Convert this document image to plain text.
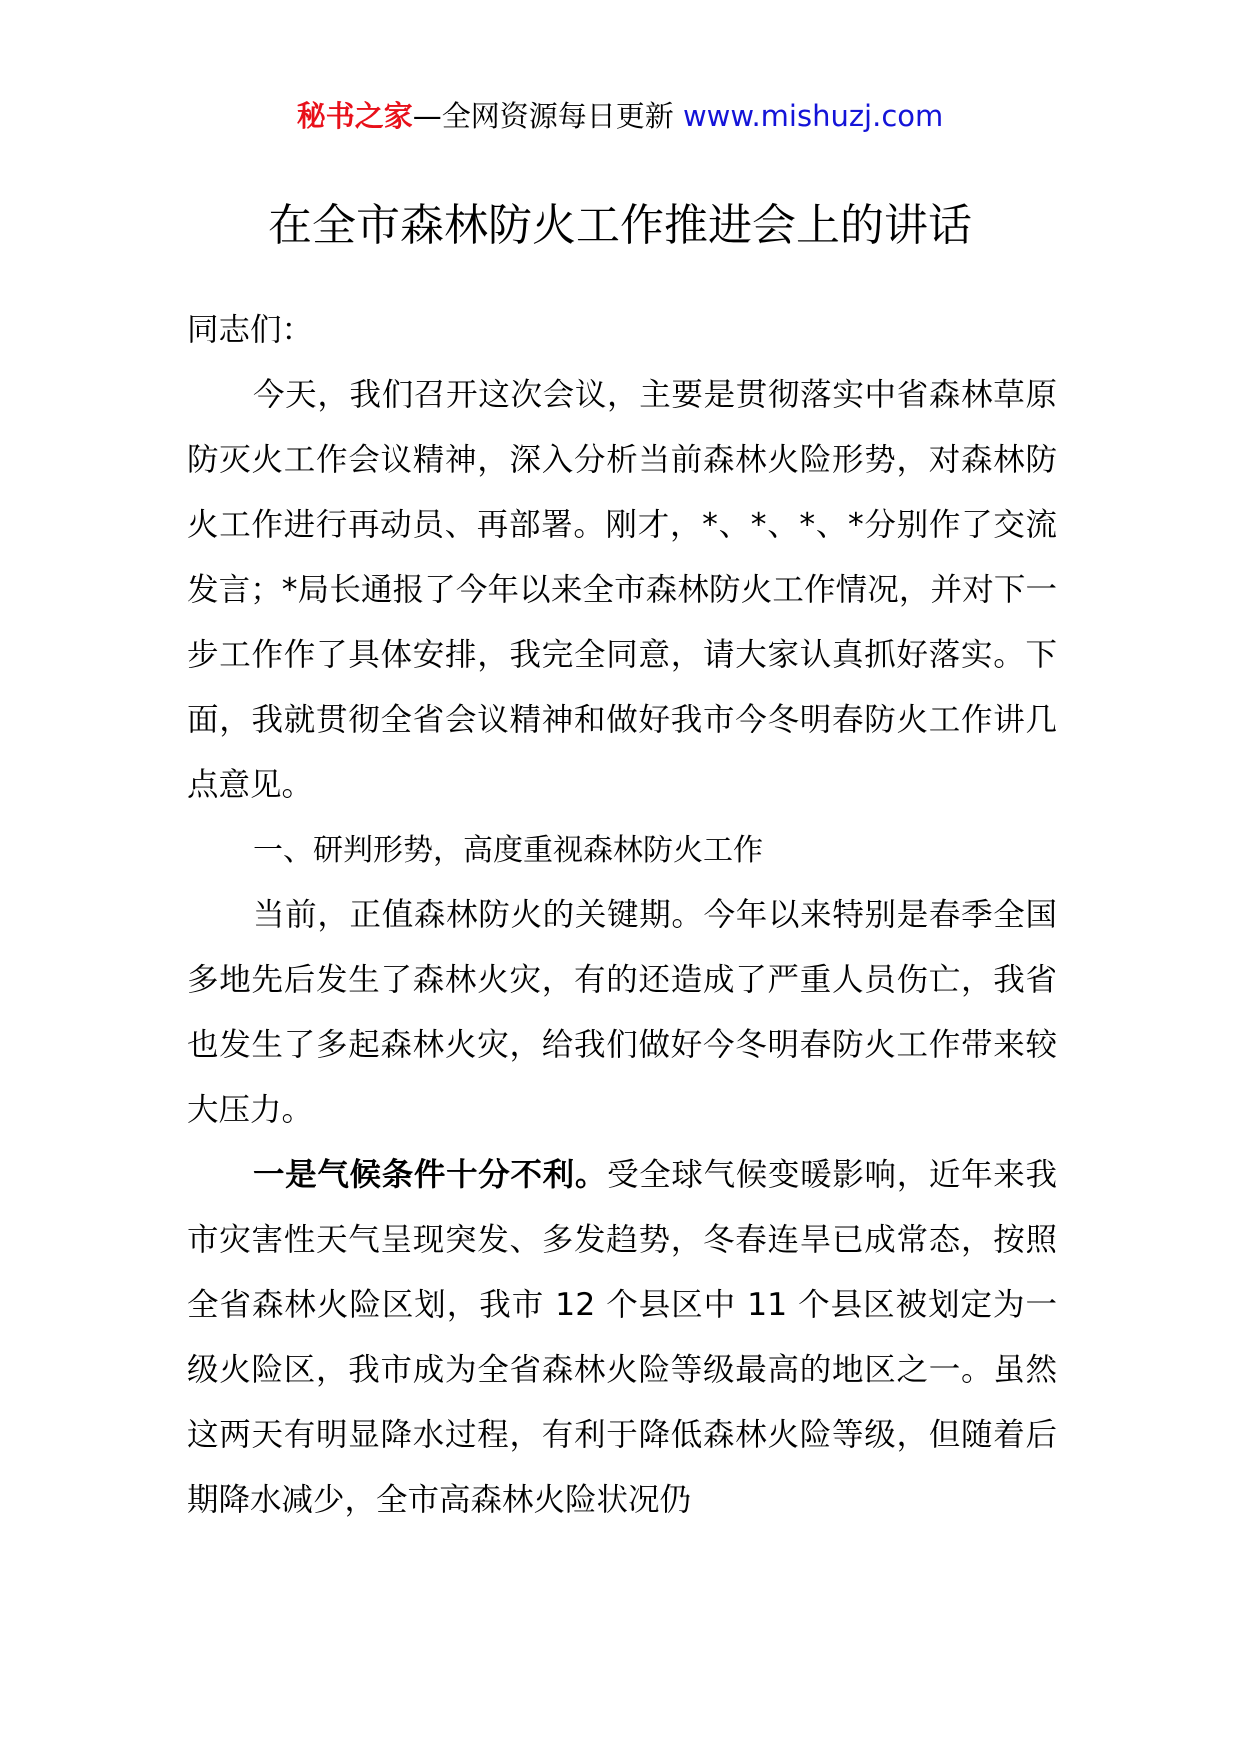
秘书之家—全网资源每日更新 www.mishuzj.com
在全市森林防火工作推进会上的讲话

同志们：

今天，我们召开这次会议，主要是贯彻落实中省森林草原防灭火工作会议精神，深入分析当前森林火险形势，对森林防火工作进行再动员、再部署。刚才，*、*、*、*分别作了交流发言；*局长通报了今年以来全市森林防火工作情况，并对下一步工作作了具体安排，我完全同意，请大家认真抓好落实。下面，我就贯彻全省会议精神和做好我市今冬明春防火工作讲几点意见。

一、研判形势，高度重视森林防火工作

当前，正值森林防火的关键期。今年以来特别是春季全国多地先后发生了森林火灾，有的还造成了严重人员伤亡，我省也发生了多起森林火灾，给我们做好今冬明春防火工作带来较大压力。

一是气候条件十分不利。受全球气候变暖影响，近年来我市灾害性天气呈现突发、多发趋势，冬春连旱已成常态，按照全省森林火险区划，我市 12 个县区中 11 个县区被划定为一级火险区，我市成为全省森林火险等级最高的地区之一。虽然这两天有明显降水过程，有利于降低森林火险等级，但随着后期降水减少，全市高森林火险状况仍
